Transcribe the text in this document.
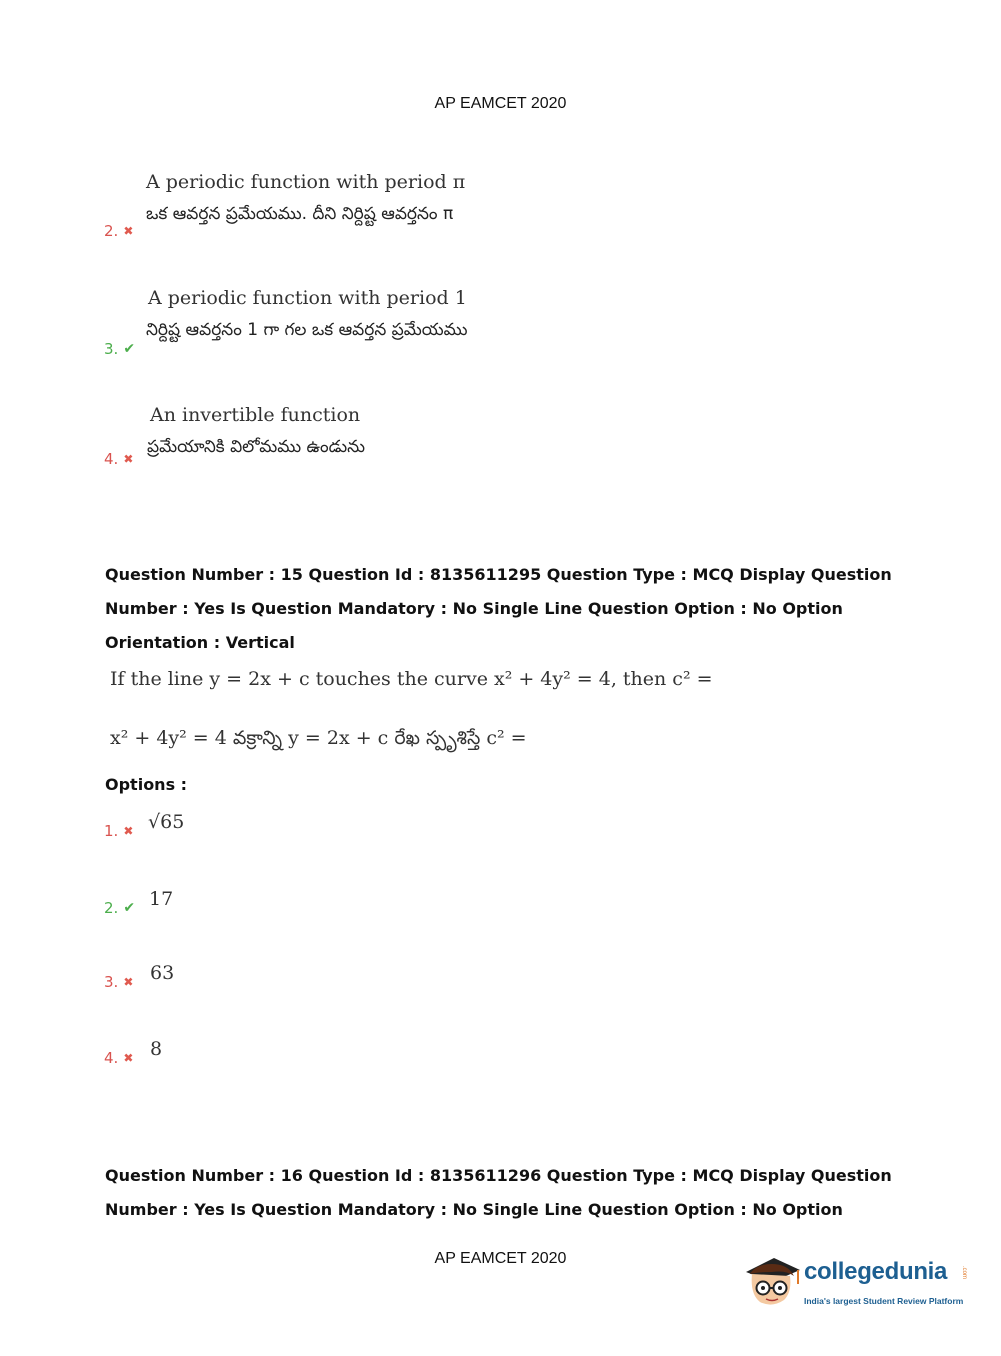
AP EAMCET 2020
A periodic function with period π
ఒక ఆవర్తన ప్రమేయము. దీని నిర్దిష్ట ఆవర్తనం π
2. ✖
A periodic function with period 1
నిర్దిష్ట ఆవర్తనం 1 గా గల ఒక ఆవర్తన ప్రమేయము
3. ✔
An invertible function
ప్రమేయానికి విలోమము ఉండును
4. ✖
Question Number : 15 Question Id : 8135611295 Question Type : MCQ Display Question
Number : Yes Is Question Mandatory : No Single Line Question Option : No Option
Orientation : Vertical
If the line y = 2x + c touches the curve x² + 4y² = 4, then c² =
x² + 4y² = 4 వక్రాన్ని y = 2x + c రేఖ స్పృశిస్తే c² =
Options :
1. ✖ √65
2. ✔ 17
3. ✖ 63
4. ✖ 8
Question Number : 16 Question Id : 8135611296 Question Type : MCQ Display Question
Number : Yes Is Question Mandatory : No Single Line Question Option : No Option
AP EAMCET 2020	collegedunia .com
India's largest Student Review Platform
